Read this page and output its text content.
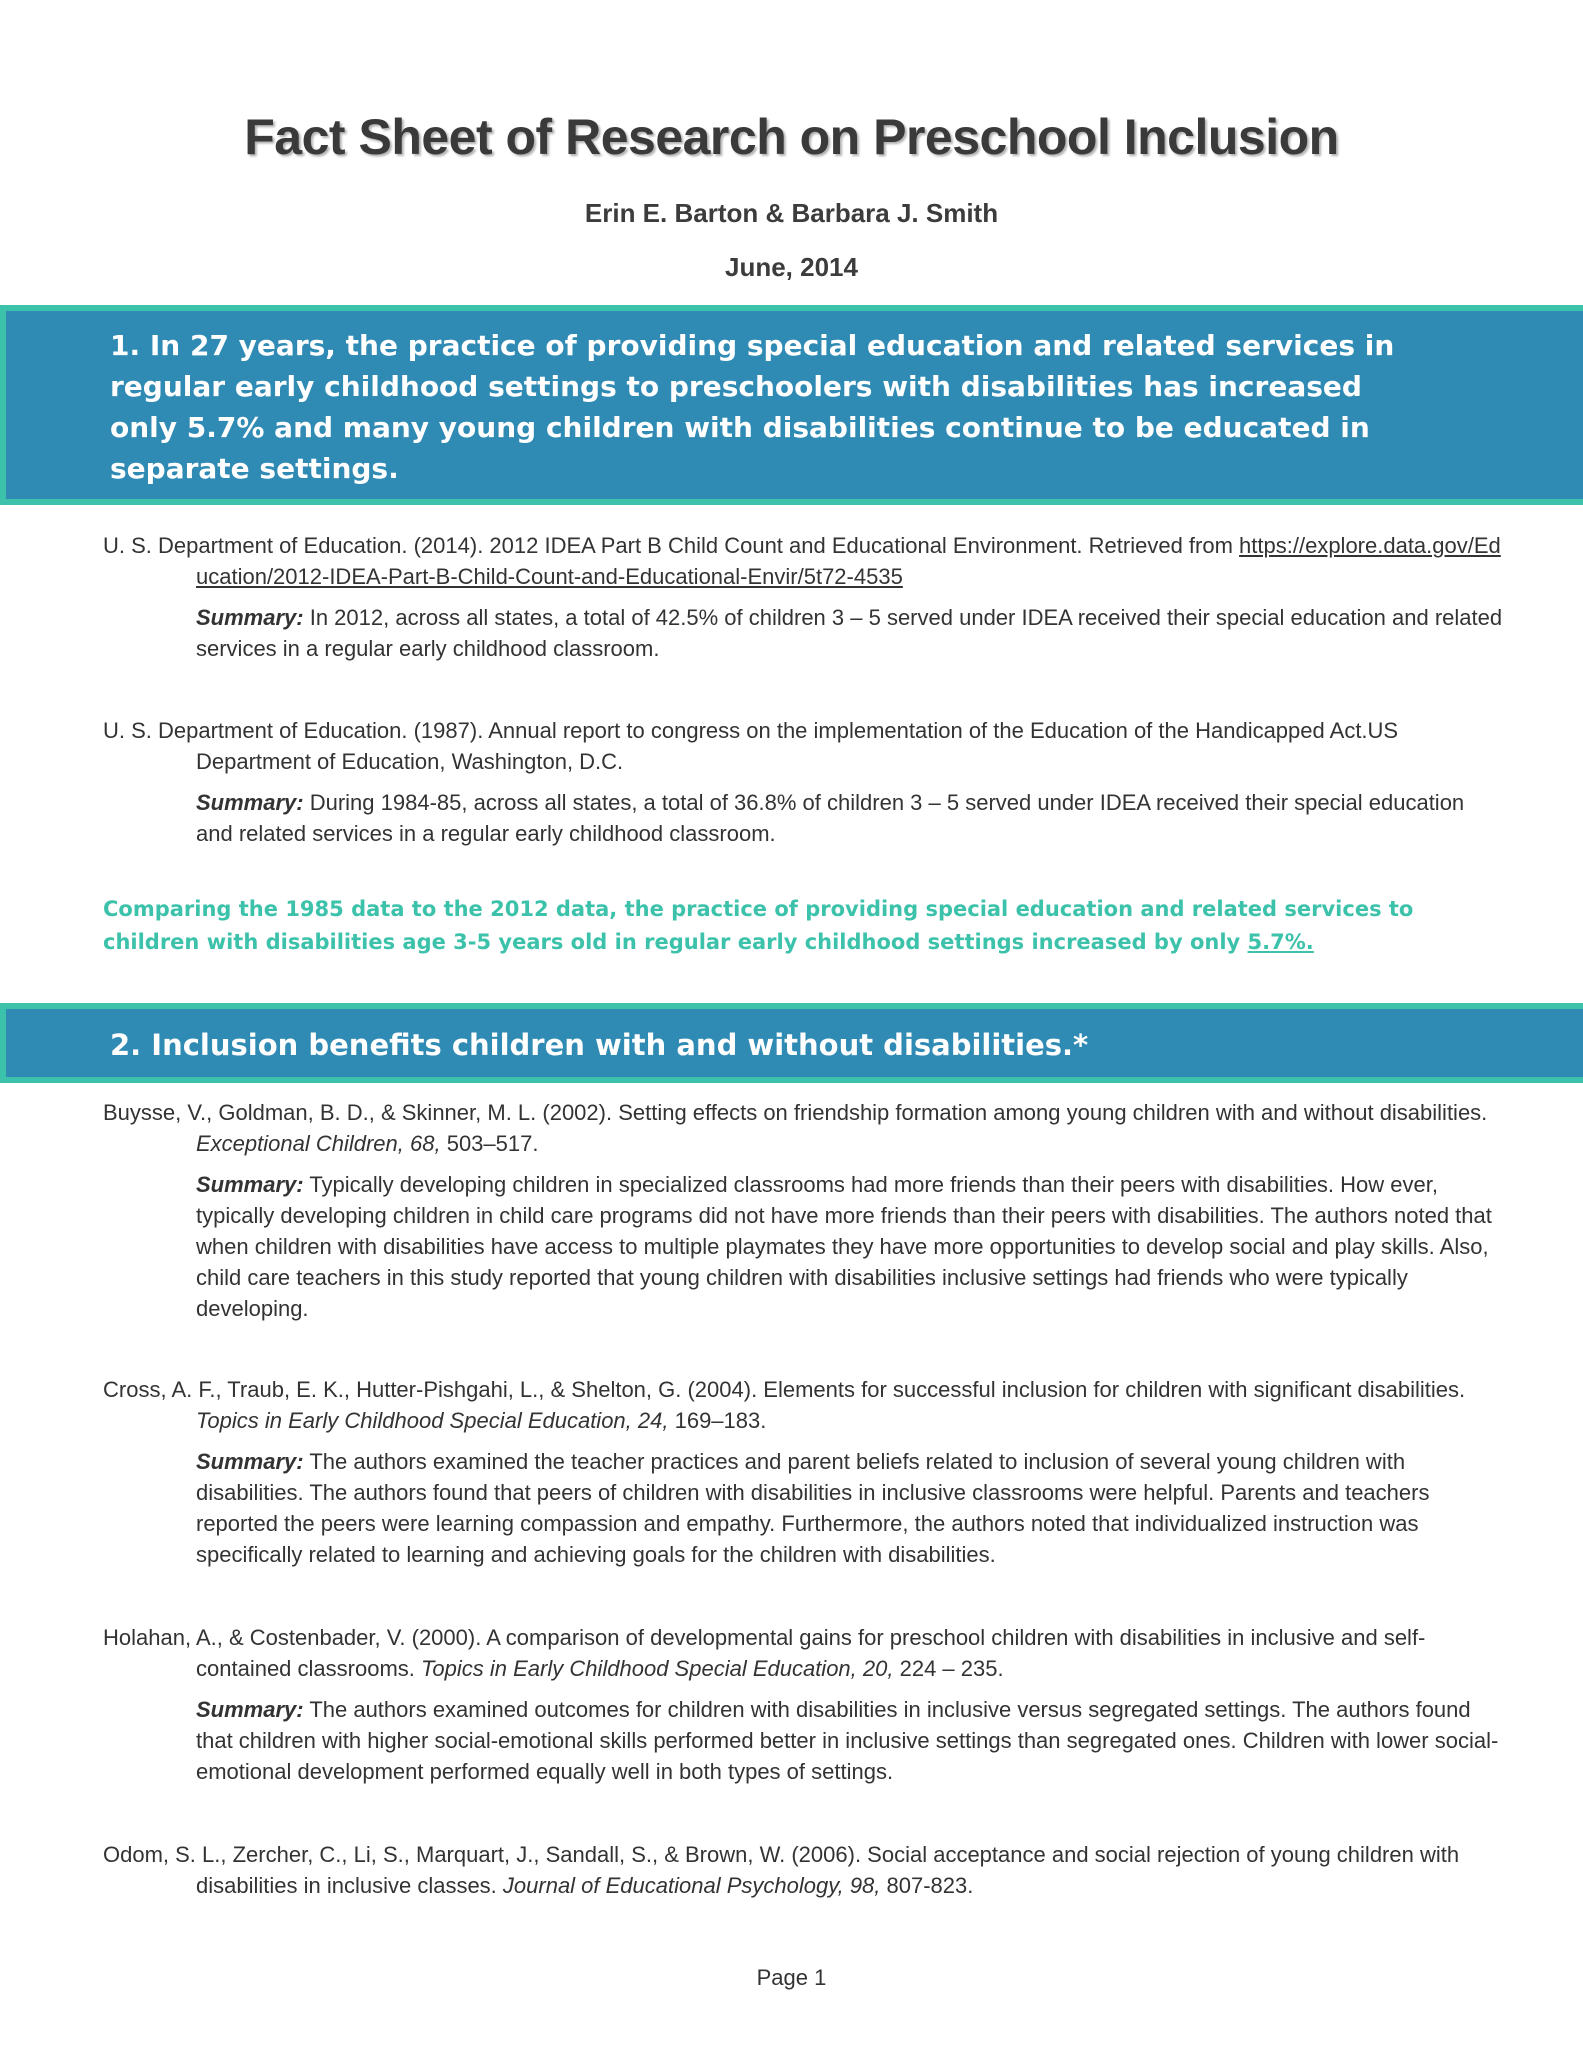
Fact Sheet of Research on Preschool Inclusion
Erin E. Barton & Barbara J. Smith
June, 2014
1. In 27 years, the practice of providing special education and related services in regular early childhood settings to preschoolers with disabilities has increased only 5.7% and many young children with disabilities continue to be educated in separate settings.
U. S. Department of Education. (2014). 2012 IDEA Part B Child Count and Educational Environment. Retrieved from https://explore.data.gov/Education/2012-IDEA-Part-B-Child-Count-and-Educational-Envir/5t72-4535
Summary: In 2012, across all states, a total of 42.5% of children 3 – 5 served under IDEA received their special education and related services in a regular early childhood classroom.
U. S. Department of Education. (1987). Annual report to congress on the implementation of the Education of the Handicapped Act.US Department of Education, Washington, D.C.
Summary: During 1984-85, across all states, a total of 36.8% of children 3 – 5 served under IDEA received their special education and related services in a regular early childhood classroom.
Comparing the 1985 data to the 2012 data, the practice of providing special education and related services to children with disabilities age 3-5 years old in regular early childhood settings increased by only 5.7%.
2. Inclusion benefits children with and without disabilities.*
Buysse, V., Goldman, B. D., & Skinner, M. L. (2002). Setting effects on friendship formation among young children with and without disabilities. Exceptional Children, 68, 503–517.
Summary: Typically developing children in specialized classrooms had more friends than their peers with disabilities. How ever, typically developing children in child care programs did not have more friends than their peers with disabilities. The authors noted that when children with disabilities have access to multiple playmates they have more opportunities to develop social and play skills. Also, child care teachers in this study reported that young children with disabilities inclusive settings had friends who were typically developing.
Cross, A. F., Traub, E. K., Hutter-Pishgahi, L., & Shelton, G. (2004). Elements for successful inclusion for children with significant disabilities. Topics in Early Childhood Special Education, 24, 169–183.
Summary: The authors examined the teacher practices and parent beliefs related to inclusion of several young children with disabilities. The authors found that peers of children with disabilities in inclusive classrooms were helpful. Parents and teachers reported the peers were learning compassion and empathy. Furthermore, the authors noted that individualized instruction was specifically related to learning and achieving goals for the children with disabilities.
Holahan, A., & Costenbader, V. (2000). A comparison of developmental gains for preschool children with disabilities in inclusive and self-contained classrooms. Topics in Early Childhood Special Education, 20, 224 – 235.
Summary: The authors examined outcomes for children with disabilities in inclusive versus segregated settings. The authors found that children with higher social-emotional skills performed better in inclusive settings than segregated ones. Children with lower social-emotional development performed equally well in both types of settings.
Odom, S. L., Zercher, C., Li, S., Marquart, J., Sandall, S., & Brown, W. (2006). Social acceptance and social rejection of young children with disabilities in inclusive classes. Journal of Educational Psychology, 98, 807-823.
Page 1
